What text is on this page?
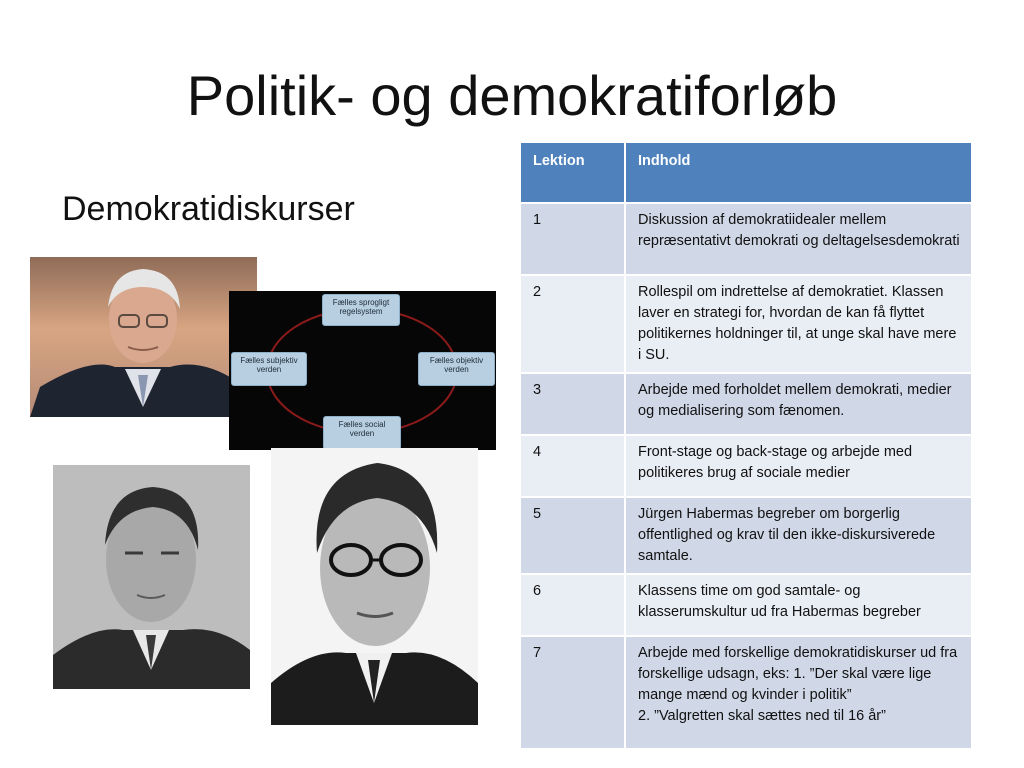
Politik- og demokratiforløb
Demokratidiskurser
Fælles sprogligt
regelsystem
Fælles subjektiv
verden
Fælles objektiv
verden
Fælles social
verden
Lektion	Indhold
1	Diskussion af demokratiidealer mellem repræsentativt demokrati og deltagelsesdemokrati
2	Rollespil om indrettelse af demokratiet. Klassen laver en strategi for, hvordan de kan få flyttet politikernes holdninger til, at unge skal have mere i SU.
3	Arbejde med forholdet mellem demokrati, medier og medialisering som fænomen.
4	Front-stage og back-stage og arbejde med politikeres brug af sociale medier
5	Jürgen Habermas begreber om borgerlig offentlighed og krav til den ikke-diskursiverede samtale.
6	Klassens time om god samtale- og klasserumskultur ud fra Habermas begreber
7	Arbejde med forskellige demokratidiskurser ud fra forskellige udsagn, eks: 1. ”Der skal være lige mange mænd og kvinder i politik”
2. ”Valgretten skal sættes ned til 16 år”
